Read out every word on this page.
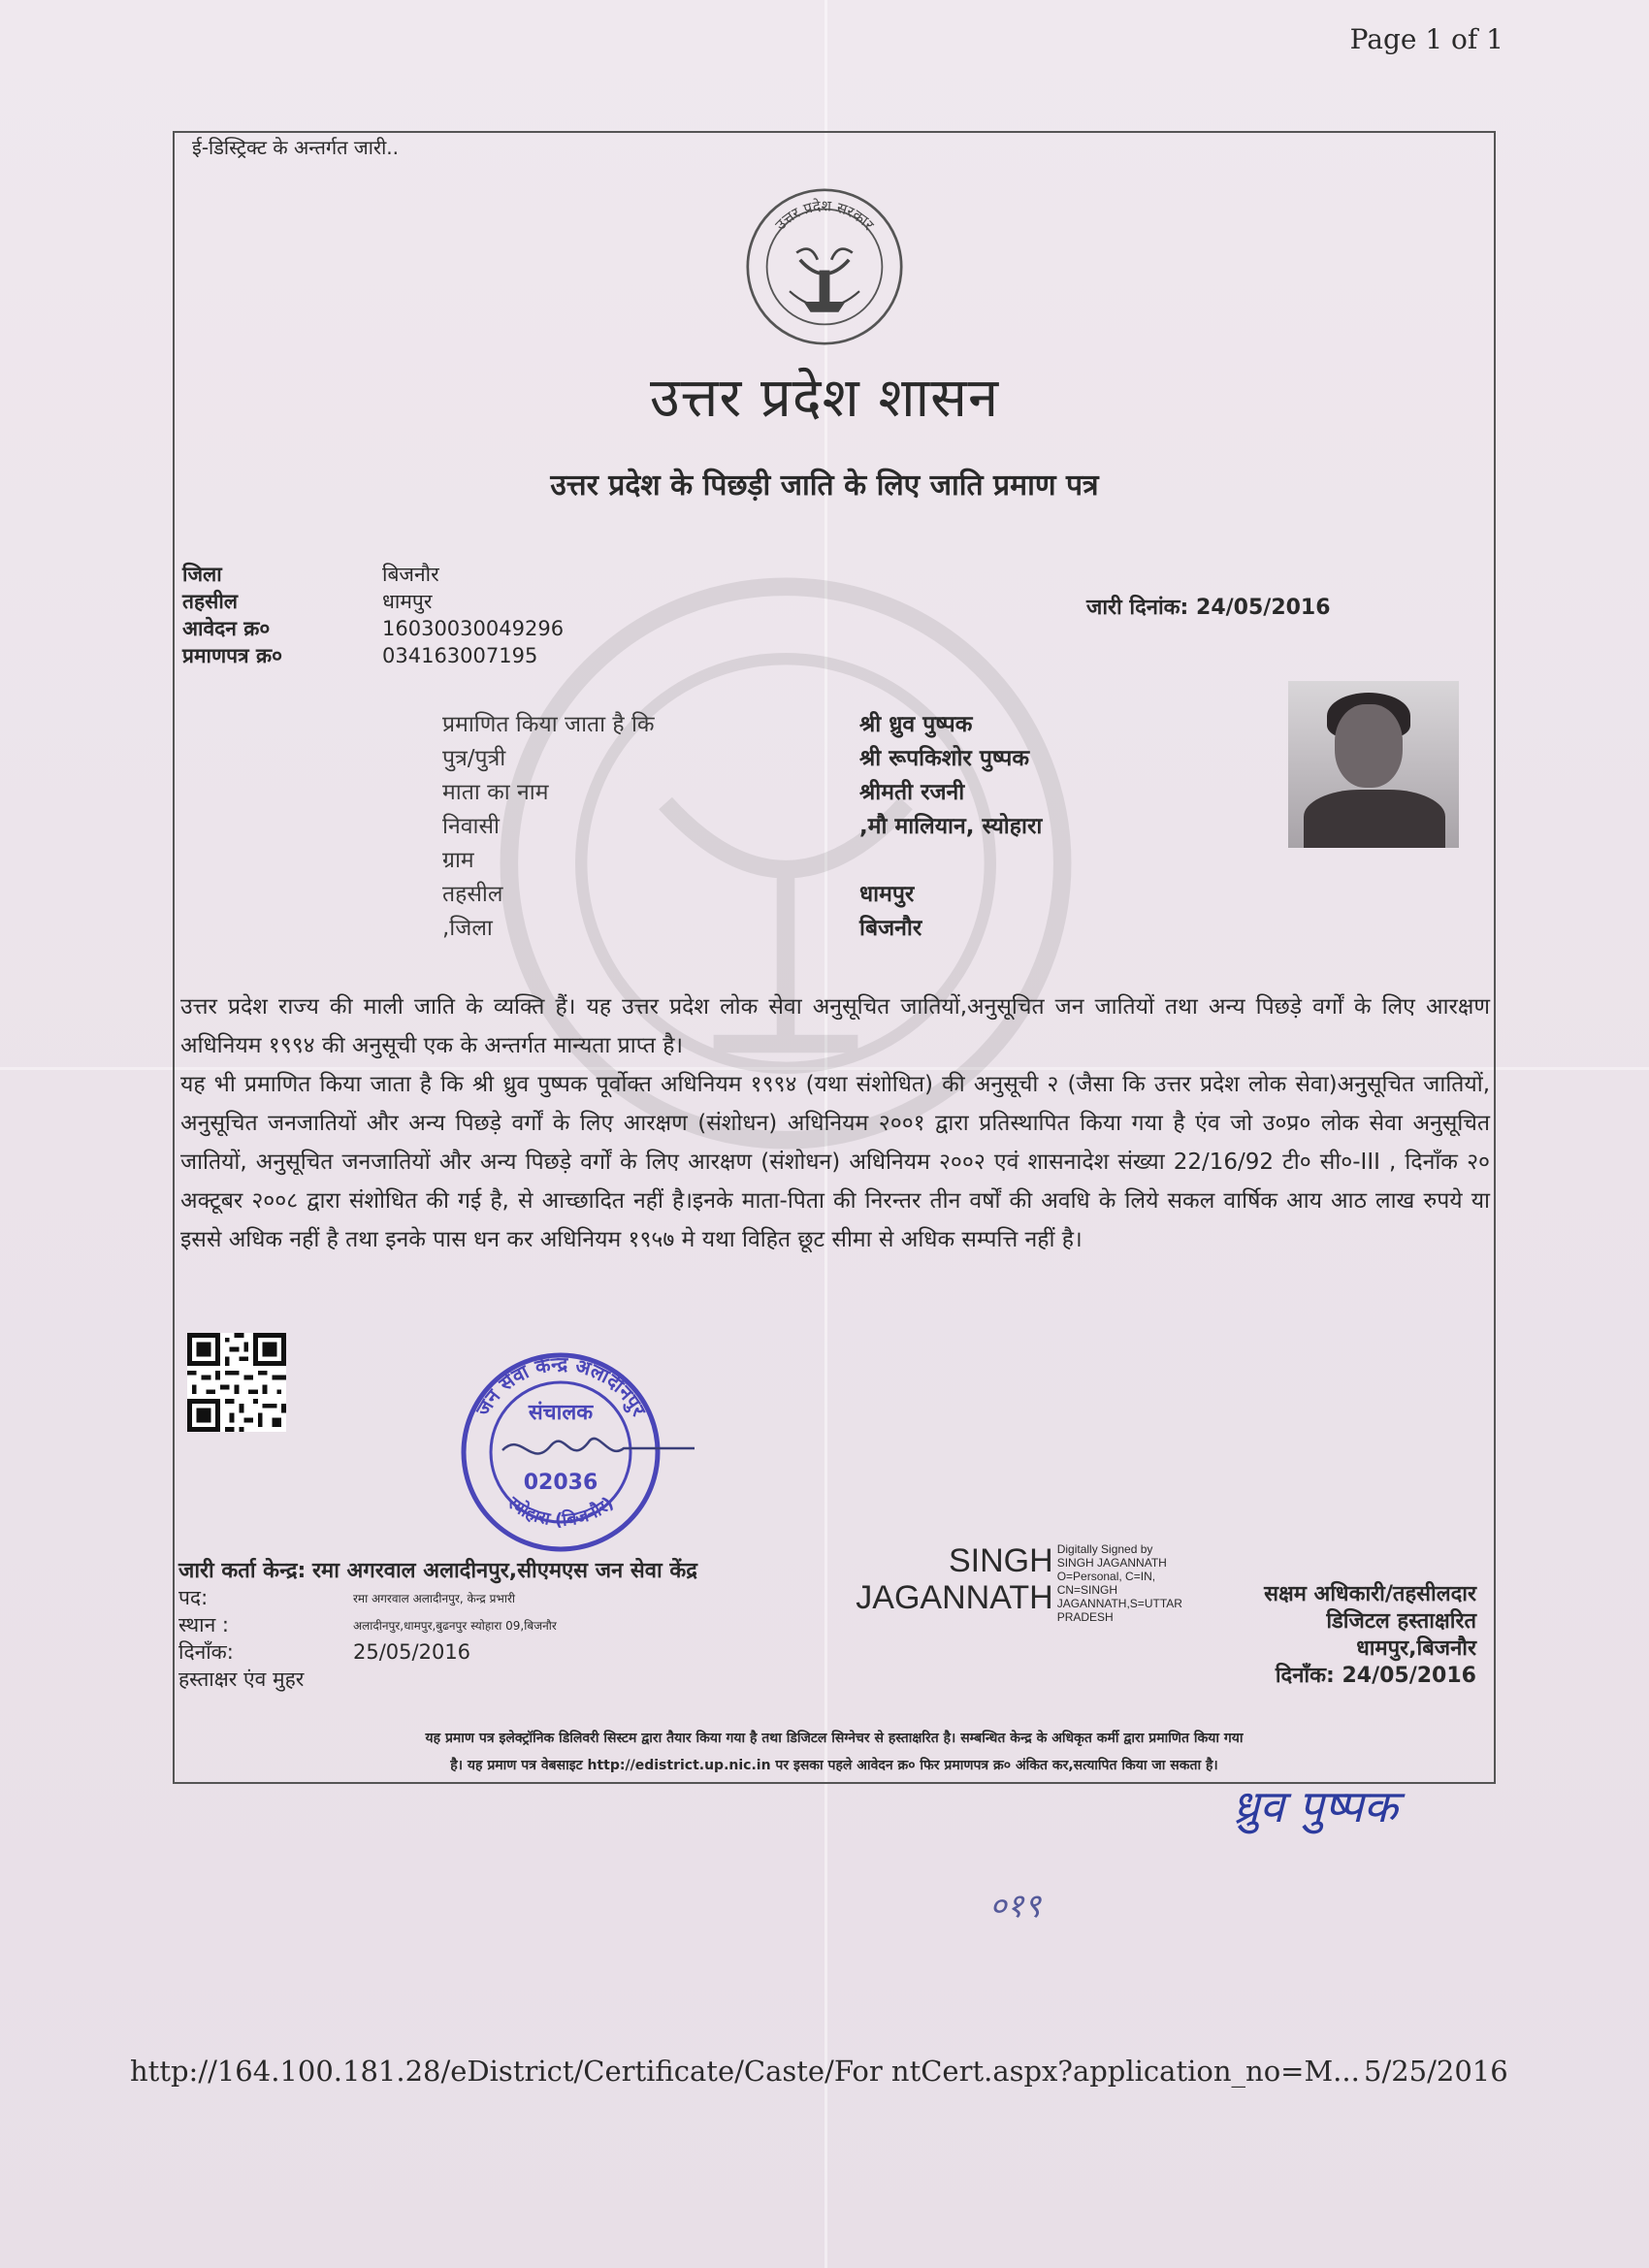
Page 1 of 1
ई-डिस्ट्रिक्ट के अन्तर्गत जारी..
उत्तर प्रदेश सरकार
उत्तर प्रदेश शासन
उत्तर प्रदेश के पिछड़ी जाति के लिए जाति प्रमाण पत्र
जिला	बिजनौर
तहसील	धामपुर
आवेदन क्र०	16030030049296
प्रमाणपत्र क्र०	034163007195
जारी दिनांक: 24/05/2016
प्रमाणित किया जाता है कि	श्री ध्रुव पुष्पक
पुत्र/पुत्री	श्री रूपकिशोर पुष्पक
माता का नाम	श्रीमती रजनी
निवासी	,मौ मालियान, स्योहारा
ग्राम
तहसील	धामपुर
,जिला	बिजनौर

उत्तर प्रदेश राज्य की माली जाति के व्यक्ति हैं। यह उत्तर प्रदेश लोक सेवा अनुसूचित जातियों,अनुसूचित जन जातियों तथा अन्य पिछड़े वर्गों के लिए आरक्षण अधिनियम १९९४ की अनुसूची एक के अन्तर्गत मान्यता प्राप्त है।

यह भी प्रमाणित किया जाता है कि श्री ध्रुव पुष्पक पूर्वोक्त अधिनियम १९९४ (यथा संशोधित) की अनुसूची २ (जैसा कि उत्तर प्रदेश लोक सेवा)अनुसूचित जातियों, अनुसूचित जनजातियों और अन्य पिछड़े वर्गों के लिए आरक्षण (संशोधन) अधिनियम २००१ द्वारा प्रतिस्थापित किया गया है एंव जो उ०प्र० लोक सेवा अनुसूचित जातियों, अनुसूचित जनजातियों और अन्य पिछड़े वर्गों के लिए आरक्षण (संशोधन) अधिनियम २००२ एवं शासनादेश संख्या 22/16/92 टी० सी०-III , दिनाँक २० अक्टूबर २००८ द्वारा संशोधित की गई है, से आच्छादित नहीं है।इनके माता-पिता की निरन्तर तीन वर्षों की अवधि के लिये सकल वार्षिक आय आठ लाख रुपये या इससे अधिक नहीं है तथा इनके पास धन कर अधिनियम १९५७ मे यथा विहित छूट सीमा से अधिक सम्पत्ति नहीं है।

जन सेवा केन्द्र अलादीनपुर
स्योहारा (बिजनौर)
संचालक
02036
जारी कर्ता केन्द्र:
रमा अगरवाल अलादीनपुर,सीएमएस जन सेवा केंद्र
पद:	रमा अगरवाल अलादीनपुर, केन्द्र प्रभारी
स्थान :	अलादीनपुर,धामपुर,बुढनपुर स्योहारा 09,बिजनौर
दिनाँक:	25/05/2016
हस्ताक्षर एंव मुहर
SINGH
JAGANNATH
Digitally Signed by
SINGH JAGANNATH
O=Personal, C=IN,
CN=SINGH
JAGANNATH,S=UTTAR
PRADESH
सक्षम अधिकारी/तहसीलदार
डिजिटल हस्ताक्षरित
धामपुर,बिजनौर
दिनाँक: 24/05/2016
यह प्रमाण पत्र इलेक्ट्रॉनिक डिलिवरी सिस्टम द्वारा तैयार किया गया है तथा डिजिटल सिग्नेचर से हस्ताक्षरित है। सम्बन्धित केन्द्र के अधिकृत कर्मी द्वारा प्रमाणित किया गया
है। यह प्रमाण पत्र वेबसाइट http://edistrict.up.nic.in पर इसका पहले आवेदन क्र० फिर प्रमाणपत्र क्र० अंकित कर,सत्यापित किया जा सकता है।
ध्रुव पुष्पक
०१९
http://164.100.181.28/eDistrict/Certificate/Caste/For ntCert.aspx?application_no=M... 5/25/2016
